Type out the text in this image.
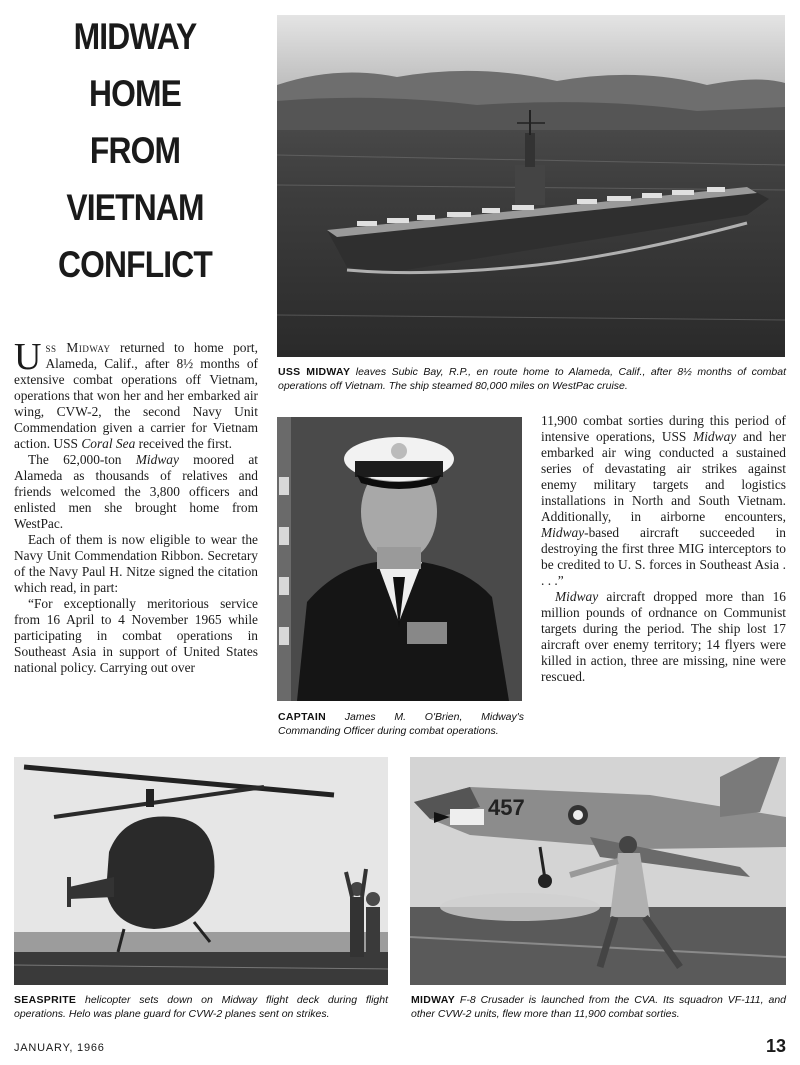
MIDWAY
HOME
FROM
VIETNAM
CONFLICT
USS MIDWAY leaves Subic Bay, R.P., en route home to Alameda, Calif., after 8½ months of combat operations off Vietnam. The ship steamed 80,000 miles on WestPac cruise.

Uss Midway returned to home port, Alameda, Calif., after 8½ months of extensive combat operations off Vietnam, operations that won her and her embarked air wing, CVW-2, the second Navy Unit Commendation given a carrier for Vietnam action. USS Coral Sea received the first.

The 62,000-ton Midway moored at Alameda as thousands of relatives and friends welcomed the 3,800 officers and enlisted men she brought home from WestPac.

Each of them is now eligible to wear the Navy Unit Commendation Ribbon. Secretary of the Navy Paul H. Nitze signed the citation which read, in part:

“For exceptionally meritorious service from 16 April to 4 November 1965 while participating in combat operations in Southeast Asia in support of United States national policy. Carrying out over

CAPTAIN James M. O'Brien, Midway's Commanding Officer during combat operations.

11,900 combat sorties during this period of intensive operations, USS Midway and her embarked air wing conducted a sustained series of devastating air strikes against enemy military targets and logistics installations in North and South Vietnam. Additionally, in airborne encounters, Midway-based aircraft succeeded in destroying the first three MIG interceptors to be credited to U. S. forces in Southeast Asia . . . .”

Midway aircraft dropped more than 16 million pounds of ordnance on Communist targets during the period. The ship lost 17 aircraft over enemy territory; 14 flyers were killed in action, three are missing, nine were rescued.

457
SEASPRITE helicopter sets down on Midway flight deck during flight operations. Helo was plane guard for CVW-2 planes sent on strikes.
MIDWAY F-8 Crusader is launched from the CVA. Its squadron VF-111, and other CVW-2 units, flew more than 11,900 combat sorties.
JANUARY, 1966	13
